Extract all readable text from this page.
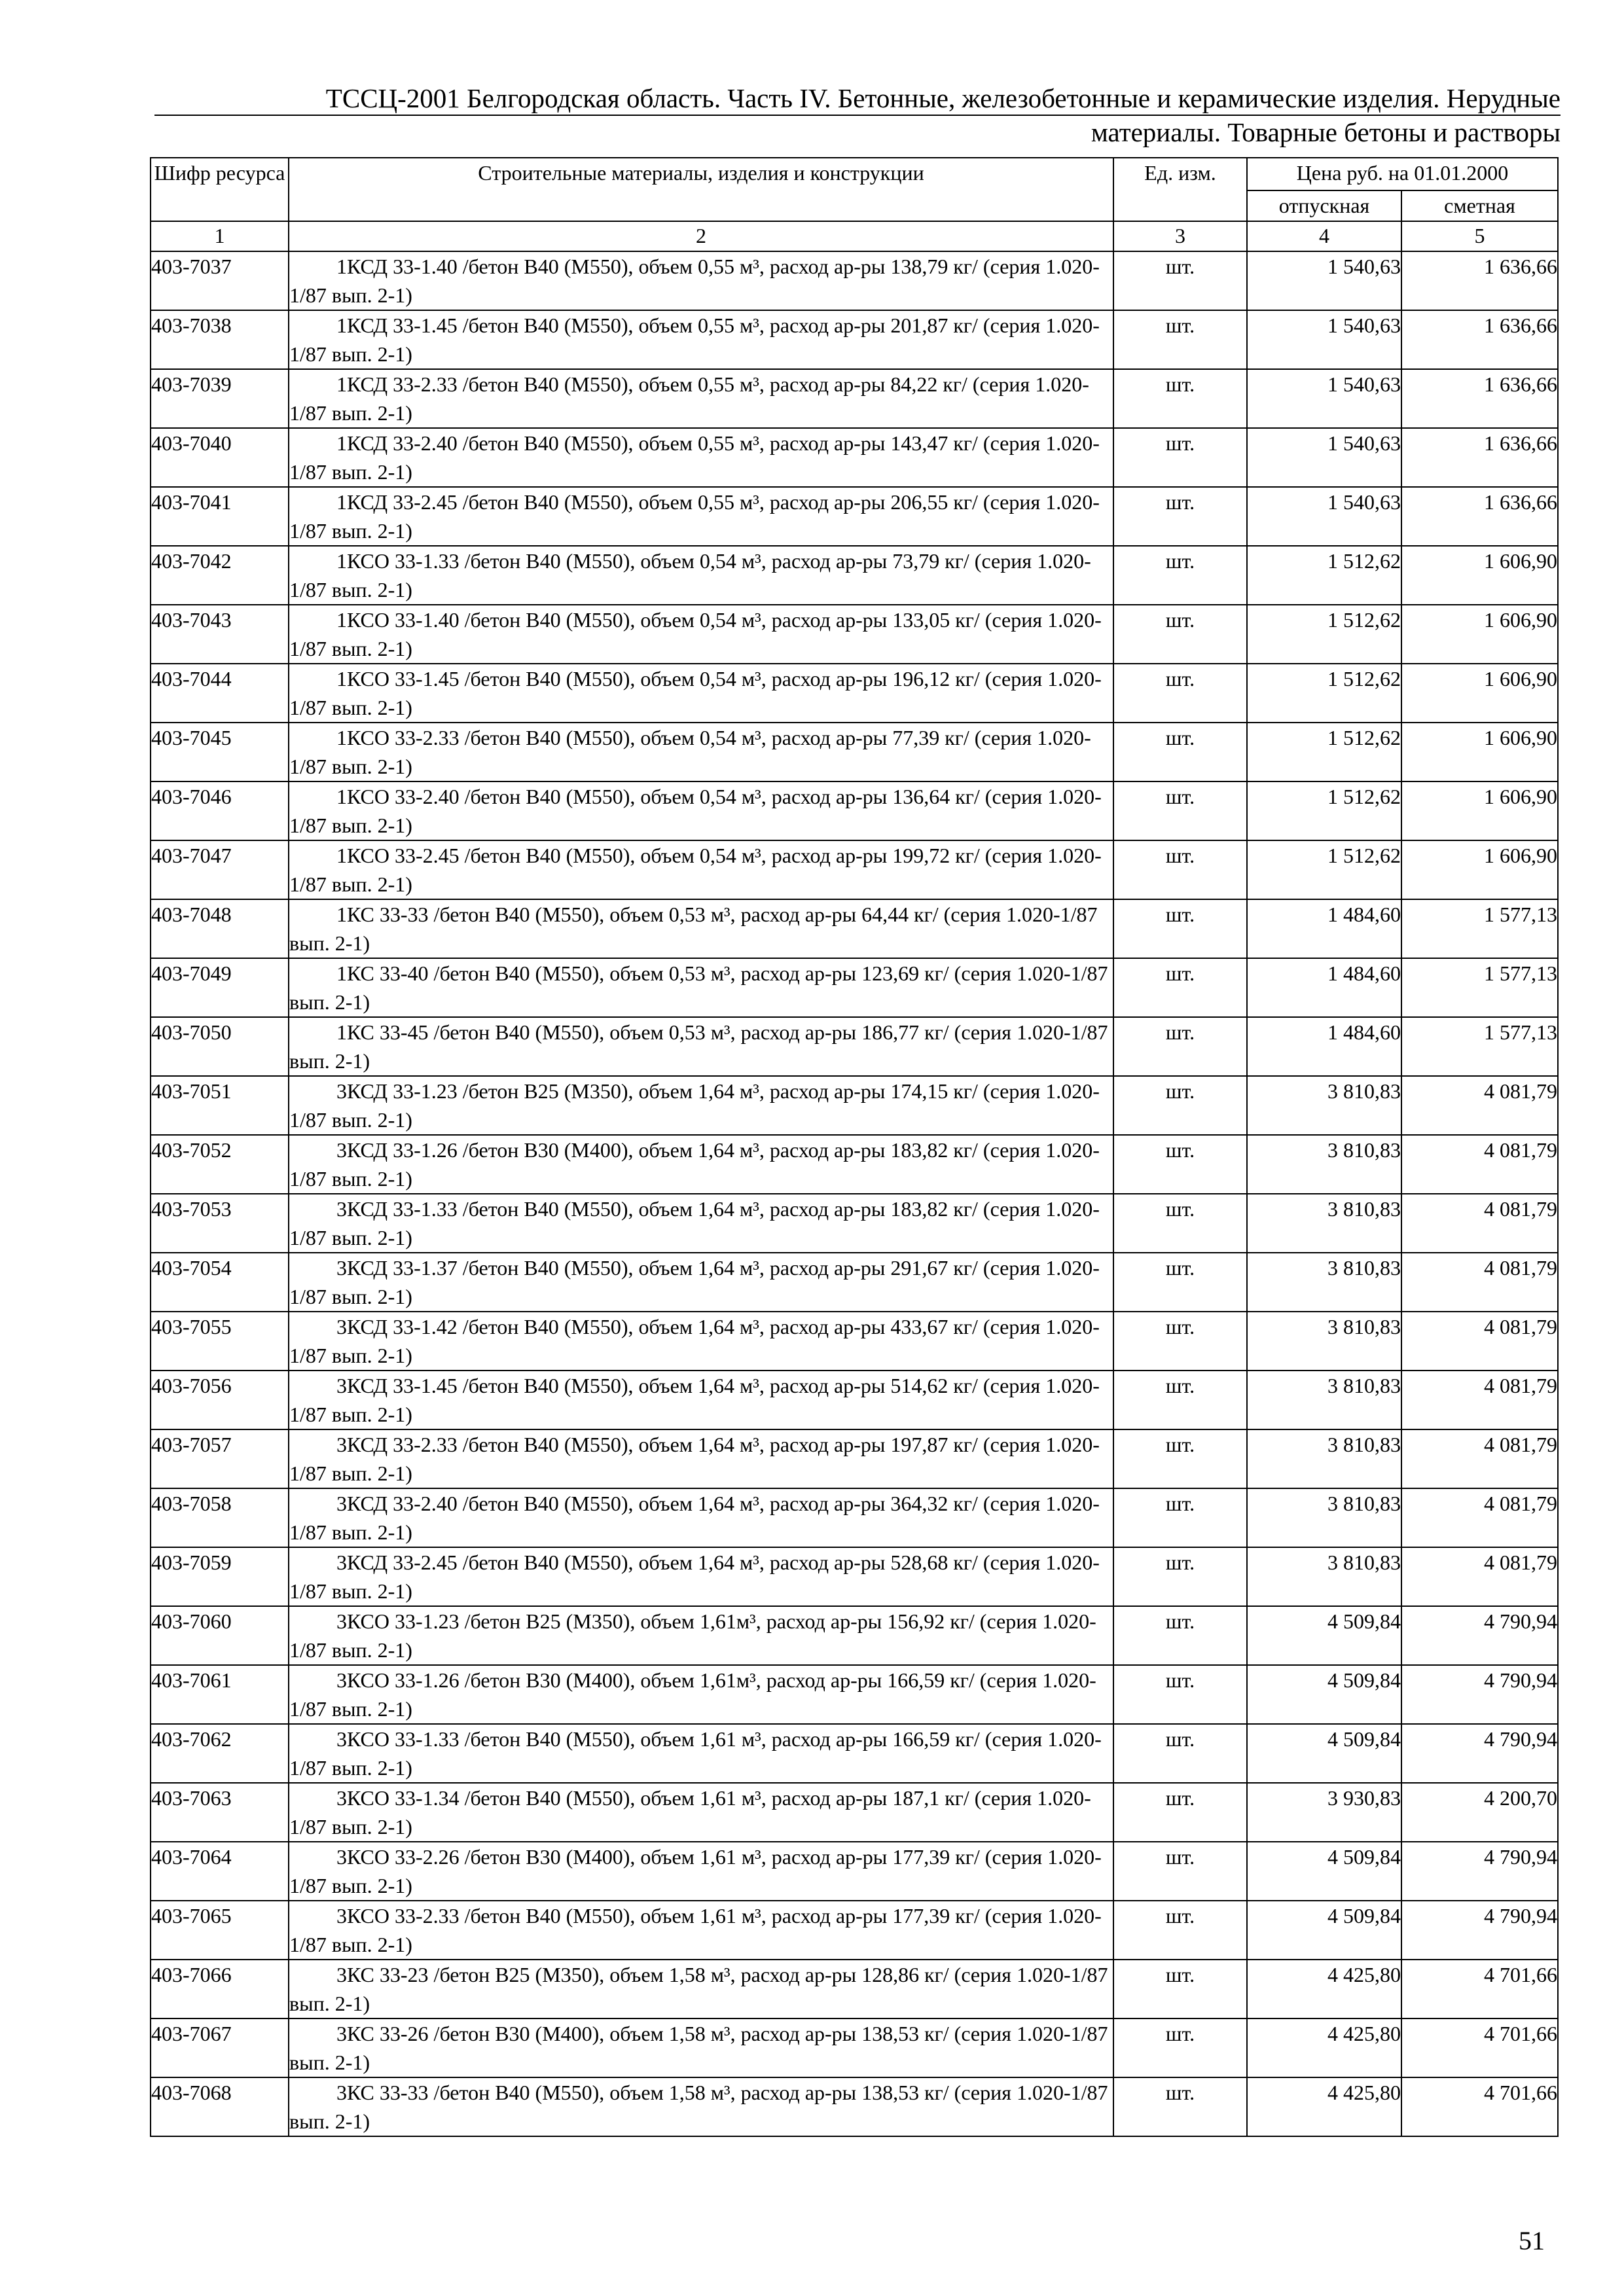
ТССЦ-2001 Белгородская область. Часть IV. Бетонные, железобетонные и керамические изделия. Нерудные
материалы. Товарные бетоны и растворы
Шифр ресурса	Строительные материалы, изделия и конструкции	Ед. изм.	Цена руб. на 01.01.2000	
			отпускная	сметная
1	2	3	4	5
403-7037	1КСД 33-1.40 /бетон В40 (М550), объем 0,55 м³, расход ар-ры 138,79 кг/ (серия 1.020-1/87 вып. 2-1)	шт.	1 540,63	1 636,66
403-7038	1КСД 33-1.45 /бетон В40 (М550), объем 0,55 м³, расход ар-ры 201,87 кг/ (серия 1.020-1/87 вып. 2-1)	шт.	1 540,63	1 636,66
403-7039	1КСД 33-2.33 /бетон В40 (М550), объем 0,55 м³, расход ар-ры 84,22 кг/ (серия 1.020-1/87 вып. 2-1)	шт.	1 540,63	1 636,66
403-7040	1КСД 33-2.40 /бетон В40 (М550), объем 0,55 м³, расход ар-ры 143,47 кг/ (серия 1.020-1/87 вып. 2-1)	шт.	1 540,63	1 636,66
403-7041	1КСД 33-2.45 /бетон В40 (М550), объем 0,55 м³, расход ар-ры 206,55 кг/ (серия 1.020-1/87 вып. 2-1)	шт.	1 540,63	1 636,66
403-7042	1КСО 33-1.33 /бетон В40 (М550), объем 0,54 м³, расход ар-ры 73,79 кг/ (серия 1.020-1/87 вып. 2-1)	шт.	1 512,62	1 606,90
403-7043	1КСО 33-1.40 /бетон В40 (М550), объем 0,54 м³, расход ар-ры 133,05 кг/ (серия 1.020-1/87 вып. 2-1)	шт.	1 512,62	1 606,90
403-7044	1КСО 33-1.45 /бетон В40 (М550), объем 0,54 м³, расход ар-ры 196,12 кг/ (серия 1.020-1/87 вып. 2-1)	шт.	1 512,62	1 606,90
403-7045	1КСО 33-2.33 /бетон В40 (М550), объем 0,54 м³, расход ар-ры 77,39 кг/ (серия 1.020-1/87 вып. 2-1)	шт.	1 512,62	1 606,90
403-7046	1КСО 33-2.40 /бетон В40 (М550), объем 0,54 м³, расход ар-ры 136,64 кг/ (серия 1.020-1/87 вып. 2-1)	шт.	1 512,62	1 606,90
403-7047	1КСО 33-2.45 /бетон В40 (М550), объем 0,54 м³, расход ар-ры 199,72 кг/ (серия 1.020-1/87 вып. 2-1)	шт.	1 512,62	1 606,90
403-7048	1КС 33-33 /бетон В40 (М550), объем 0,53 м³, расход ар-ры 64,44 кг/ (серия 1.020-1/87 вып. 2-1)	шт.	1 484,60	1 577,13
403-7049	1КС 33-40 /бетон В40 (М550), объем 0,53 м³, расход ар-ры 123,69 кг/ (серия 1.020-1/87 вып. 2-1)	шт.	1 484,60	1 577,13
403-7050	1КС 33-45 /бетон В40 (М550), объем 0,53 м³, расход ар-ры 186,77 кг/ (серия 1.020-1/87 вып. 2-1)	шт.	1 484,60	1 577,13
403-7051	3КСД 33-1.23 /бетон В25 (М350), объем 1,64 м³, расход ар-ры 174,15 кг/ (серия 1.020-1/87 вып. 2-1)	шт.	3 810,83	4 081,79
403-7052	3КСД 33-1.26 /бетон В30 (М400), объем 1,64 м³, расход ар-ры 183,82 кг/ (серия 1.020-1/87 вып. 2-1)	шт.	3 810,83	4 081,79
403-7053	3КСД 33-1.33 /бетон В40 (М550), объем 1,64 м³, расход ар-ры 183,82 кг/ (серия 1.020-1/87 вып. 2-1)	шт.	3 810,83	4 081,79
403-7054	3КСД 33-1.37 /бетон В40 (М550), объем 1,64 м³, расход ар-ры 291,67 кг/ (серия 1.020-1/87 вып. 2-1)	шт.	3 810,83	4 081,79
403-7055	3КСД 33-1.42 /бетон В40 (М550), объем 1,64 м³, расход ар-ры 433,67 кг/ (серия 1.020-1/87 вып. 2-1)	шт.	3 810,83	4 081,79
403-7056	3КСД 33-1.45 /бетон В40 (М550), объем 1,64 м³, расход ар-ры 514,62 кг/ (серия 1.020-1/87 вып. 2-1)	шт.	3 810,83	4 081,79
403-7057	3КСД 33-2.33 /бетон В40 (М550), объем 1,64 м³, расход ар-ры 197,87 кг/ (серия 1.020-1/87 вып. 2-1)	шт.	3 810,83	4 081,79
403-7058	3КСД 33-2.40 /бетон В40 (М550), объем 1,64 м³, расход ар-ры 364,32 кг/ (серия 1.020-1/87 вып. 2-1)	шт.	3 810,83	4 081,79
403-7059	3КСД 33-2.45 /бетон В40 (М550), объем 1,64 м³, расход ар-ры 528,68 кг/ (серия 1.020-1/87 вып. 2-1)	шт.	3 810,83	4 081,79
403-7060	3КСО 33-1.23 /бетон В25 (М350), объем 1,61м³, расход ар-ры 156,92 кг/ (серия 1.020-1/87 вып. 2-1)	шт.	4 509,84	4 790,94
403-7061	3КСО 33-1.26 /бетон В30 (М400), объем 1,61м³, расход ар-ры 166,59 кг/ (серия 1.020-1/87 вып. 2-1)	шт.	4 509,84	4 790,94
403-7062	3КСО 33-1.33 /бетон В40 (М550), объем 1,61 м³, расход ар-ры 166,59 кг/ (серия 1.020-1/87 вып. 2-1)	шт.	4 509,84	4 790,94
403-7063	3КСО 33-1.34 /бетон В40 (М550), объем 1,61 м³, расход ар-ры 187,1 кг/ (серия 1.020-1/87 вып. 2-1)	шт.	3 930,83	4 200,70
403-7064	3КСО 33-2.26 /бетон В30 (М400), объем 1,61 м³, расход ар-ры 177,39 кг/ (серия 1.020-1/87 вып. 2-1)	шт.	4 509,84	4 790,94
403-7065	3КСО 33-2.33 /бетон В40 (М550), объем 1,61 м³, расход ар-ры 177,39 кг/ (серия 1.020-1/87 вып. 2-1)	шт.	4 509,84	4 790,94
403-7066	3КС 33-23 /бетон В25 (М350), объем 1,58 м³, расход ар-ры 128,86 кг/ (серия 1.020-1/87 вып. 2-1)	шт.	4 425,80	4 701,66
403-7067	3КС 33-26 /бетон В30 (М400), объем 1,58 м³, расход ар-ры 138,53 кг/ (серия 1.020-1/87 вып. 2-1)	шт.	4 425,80	4 701,66
403-7068	3КС 33-33 /бетон В40 (М550), объем 1,58 м³, расход ар-ры 138,53 кг/ (серия 1.020-1/87 вып. 2-1)	шт.	4 425,80	4 701,66
51
